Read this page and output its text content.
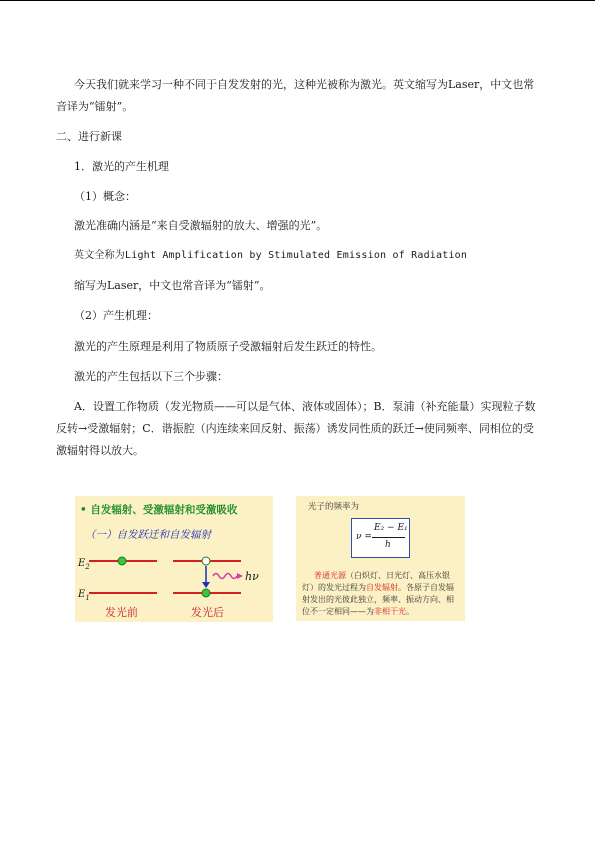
今天我们就来学习一种不同于自发发射的光，这种光被称为激光。英文缩写为Laser，中文也常音译为“镭射”。
二、进行新课
1．激光的产生机理
（1）概念：
激光准确内涵是“来自受激辐射的放大、增强的光”。
英文全称为Light Amplification by Stimulated Emission of Radiation
缩写为Laser，中文也常音译为“镭射”。
（2）产生机理：
激光的产生原理是利用了物质原子受激辐射后发生跃迁的特性。
激光的产生包括以下三个步骤：
A．设置工作物质（发光物质——可以是气体、液体或固体）；B．泵浦（补充能量）实现粒子数反转→受激辐射；C．谐振腔（内连续来回反射、振荡）诱发同性质的跃迁→使同频率、同相位的受激辐射得以放大。
$E_2$
$E_1$
hν
• 自发辐射、受激辐射和受激吸收
（一）自发跃迁和自发辐射
发光前	发光后
光子的频率为
ν =
E₂ − E₁
h
普通光源（白炽灯、日光灯、高压水银灯）的发光过程为自发辐射。各原子自发辐射发出的光彼此独立，频率、振动方向、相位不一定相同——为非相干光。
